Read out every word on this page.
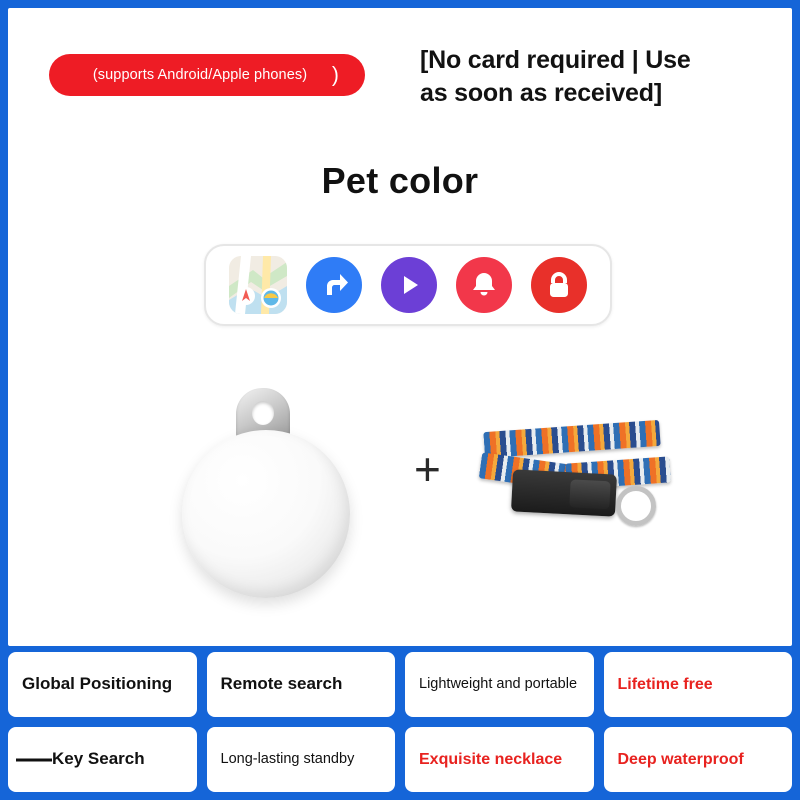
(supports Android/Apple phones) )
[No card required | Use
as soon as received]
Pet color
+
Global Positioning	Remote search	Lightweight and portable	Lifetime free
Key Search	Long-lasting standby	Exquisite necklace	Deep waterproof
